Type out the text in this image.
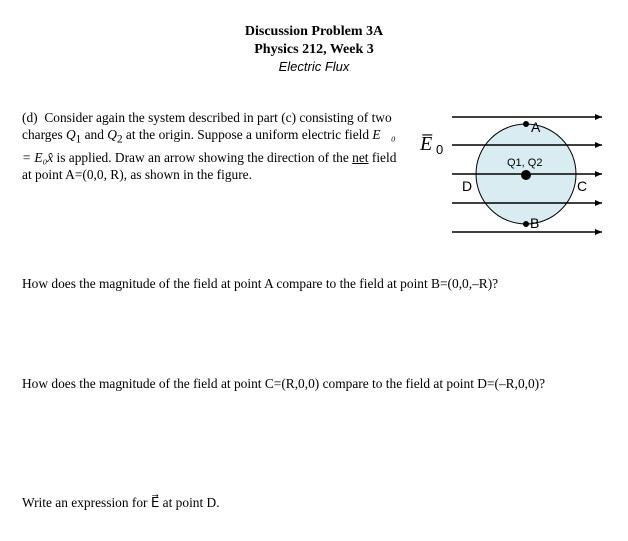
Discussion Problem 3A
Physics 212, Week 3
Electric Flux
(d) Consider again the system described in part (c) consisting of two charges $Q_1$ and $Q_2$ at the origin. Suppose a uniform electric field E⃗₀ = E₀x̂ is applied. Draw an arrow showing the direction of the net field at point A=(0,0, R), as shown in the figure.
A
B
C
D
Q1, Q2
E̅ 0
How does the magnitude of the field at point A compare to the field at point B=(0,0,–R)?
How does the magnitude of the field at point C=(R,0,0) compare to the field at point D=(–R,0,0)?
Write an expression for E⃗ at point D.
